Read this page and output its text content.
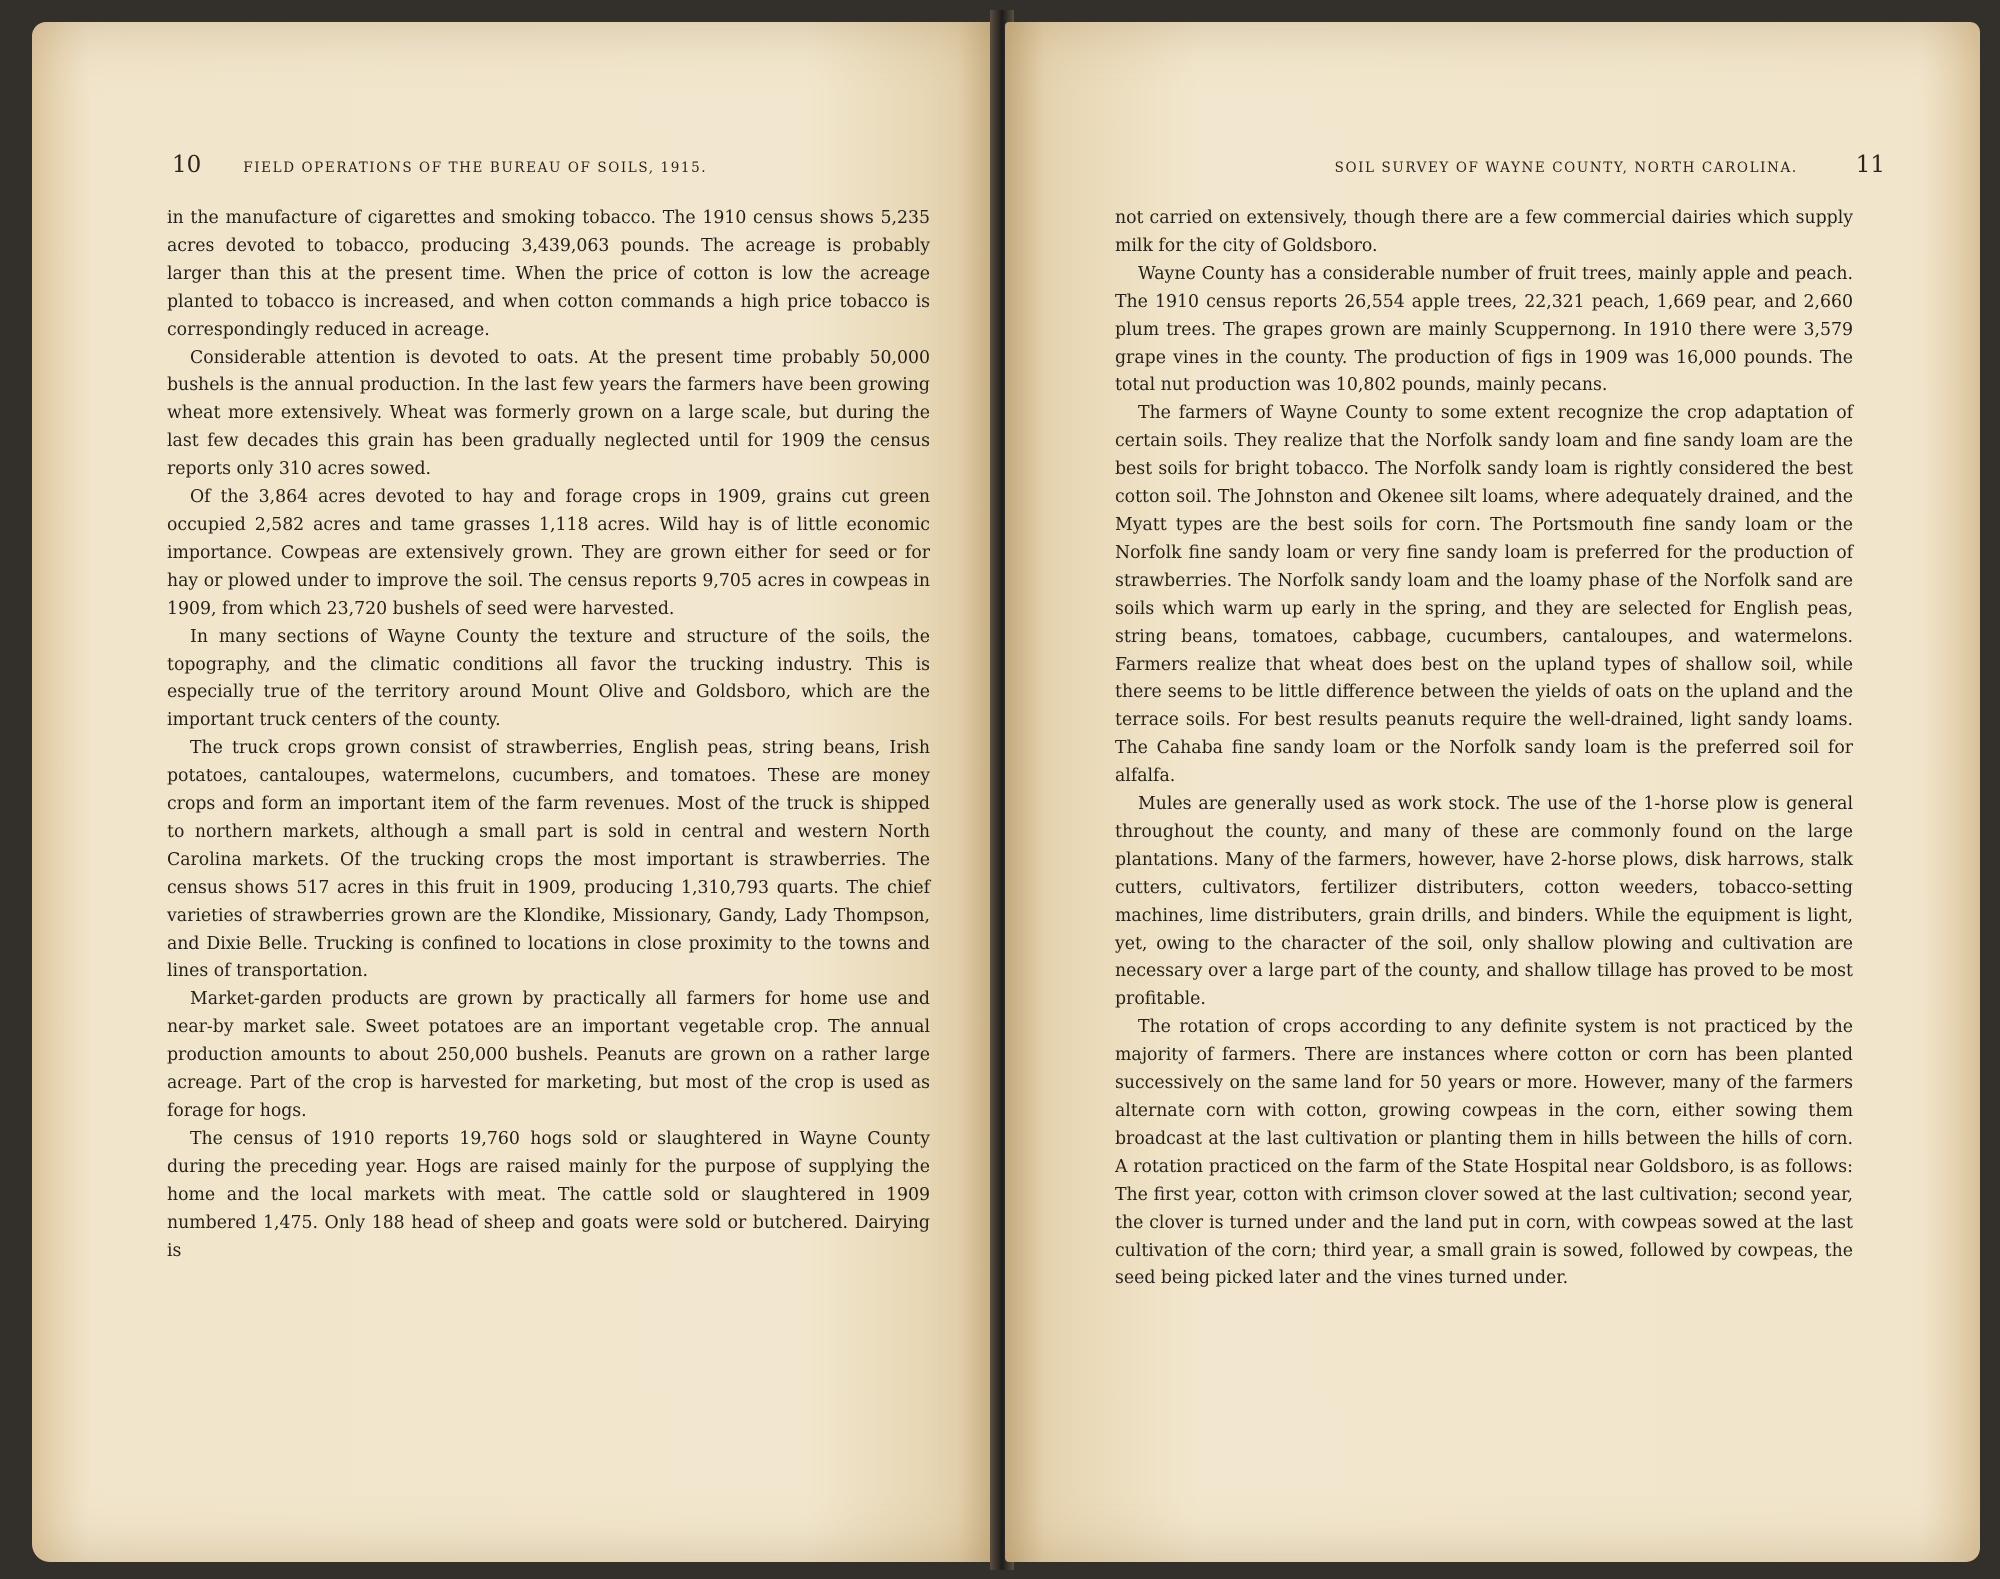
10	FIELD OPERATIONS OF THE BUREAU OF SOILS, 1915.

in the manufacture of cigarettes and smoking tobacco. The 1910 census shows 5,235 acres devoted to tobacco, producing 3,439,063 pounds. The acreage is probably larger than this at the present time. When the price of cotton is low the acreage planted to tobacco is increased, and when cotton commands a high price tobacco is correspondingly reduced in acreage.

Considerable attention is devoted to oats. At the present time probably 50,000 bushels is the annual production. In the last few years the farmers have been growing wheat more extensively. Wheat was formerly grown on a large scale, but during the last few decades this grain has been gradually neglected until for 1909 the census reports only 310 acres sowed.

Of the 3,864 acres devoted to hay and forage crops in 1909, grains cut green occupied 2,582 acres and tame grasses 1,118 acres. Wild hay is of little economic importance. Cowpeas are extensively grown. They are grown either for seed or for hay or plowed under to improve the soil. The census reports 9,705 acres in cowpeas in 1909, from which 23,720 bushels of seed were harvested.

In many sections of Wayne County the texture and structure of the soils, the topography, and the climatic conditions all favor the trucking industry. This is especially true of the territory around Mount Olive and Goldsboro, which are the important truck centers of the county.

The truck crops grown consist of strawberries, English peas, string beans, Irish potatoes, cantaloupes, watermelons, cucumbers, and tomatoes. These are money crops and form an important item of the farm revenues. Most of the truck is shipped to northern markets, although a small part is sold in central and western North Carolina markets. Of the trucking crops the most important is strawberries. The census shows 517 acres in this fruit in 1909, producing 1,310,793 quarts. The chief varieties of strawberries grown are the Klondike, Missionary, Gandy, Lady Thompson, and Dixie Belle. Trucking is confined to locations in close proximity to the towns and lines of transportation.

Market-garden products are grown by practically all farmers for home use and near-by market sale. Sweet potatoes are an important vegetable crop. The annual production amounts to about 250,000 bushels. Peanuts are grown on a rather large acreage. Part of the crop is harvested for marketing, but most of the crop is used as forage for hogs.

The census of 1910 reports 19,760 hogs sold or slaughtered in Wayne County during the preceding year. Hogs are raised mainly for the purpose of supplying the home and the local markets with meat. The cattle sold or slaughtered in 1909 numbered 1,475. Only 188 head of sheep and goats were sold or butchered. Dairying is

SOIL SURVEY OF WAYNE COUNTY, NORTH CAROLINA.	11

not carried on extensively, though there are a few commercial dairies which supply milk for the city of Goldsboro.

Wayne County has a considerable number of fruit trees, mainly apple and peach. The 1910 census reports 26,554 apple trees, 22,321 peach, 1,669 pear, and 2,660 plum trees. The grapes grown are mainly Scuppernong. In 1910 there were 3,579 grape vines in the county. The production of figs in 1909 was 16,000 pounds. The total nut production was 10,802 pounds, mainly pecans.

The farmers of Wayne County to some extent recognize the crop adaptation of certain soils. They realize that the Norfolk sandy loam and fine sandy loam are the best soils for bright tobacco. The Norfolk sandy loam is rightly considered the best cotton soil. The Johnston and Okenee silt loams, where adequately drained, and the Myatt types are the best soils for corn. The Portsmouth fine sandy loam or the Norfolk fine sandy loam or very fine sandy loam is preferred for the production of strawberries. The Norfolk sandy loam and the loamy phase of the Norfolk sand are soils which warm up early in the spring, and they are selected for English peas, string beans, tomatoes, cabbage, cucumbers, cantaloupes, and watermelons. Farmers realize that wheat does best on the upland types of shallow soil, while there seems to be little difference between the yields of oats on the upland and the terrace soils. For best results peanuts require the well-drained, light sandy loams. The Cahaba fine sandy loam or the Norfolk sandy loam is the preferred soil for alfalfa.

Mules are generally used as work stock. The use of the 1-horse plow is general throughout the county, and many of these are commonly found on the large plantations. Many of the farmers, however, have 2-horse plows, disk harrows, stalk cutters, cultivators, fertilizer distributers, cotton weeders, tobacco-setting machines, lime distributers, grain drills, and binders. While the equipment is light, yet, owing to the character of the soil, only shallow plowing and cultivation are necessary over a large part of the county, and shallow tillage has proved to be most profitable.

The rotation of crops according to any definite system is not practiced by the majority of farmers. There are instances where cotton or corn has been planted successively on the same land for 50 years or more. However, many of the farmers alternate corn with cotton, growing cowpeas in the corn, either sowing them broadcast at the last cultivation or planting them in hills between the hills of corn. A rotation practiced on the farm of the State Hospital near Goldsboro, is as follows: The first year, cotton with crimson clover sowed at the last cultivation; second year, the clover is turned under and the land put in corn, with cowpeas sowed at the last cultivation of the corn; third year, a small grain is sowed, followed by cowpeas, the seed being picked later and the vines turned under.
